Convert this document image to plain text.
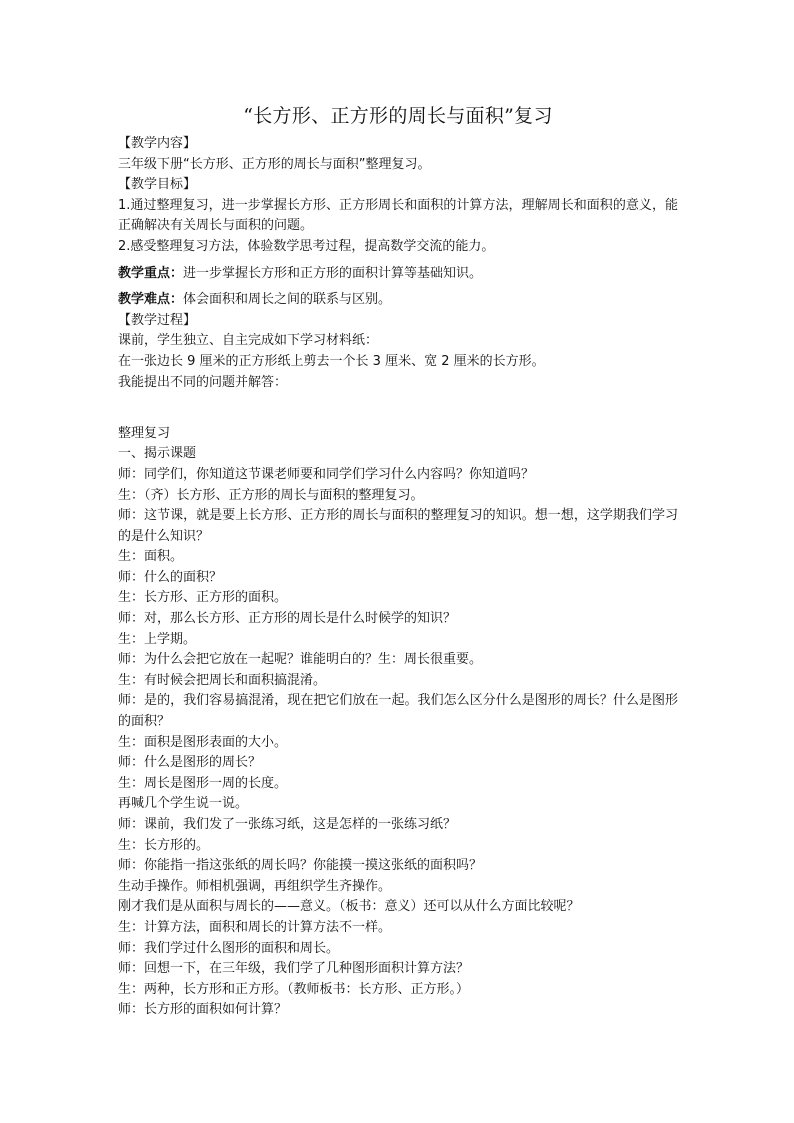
“长方形、正方形的周长与面积”复习
【教学内容】
三年级下册“长方形、正方形的周长与面积”整理复习。
【教学目标】
1.通过整理复习，进一步掌握长方形、正方形周长和面积的计算方法，理解周长和面积的意义，能正确解决有关周长与面积的问题。
2.感受整理复习方法，体验数学思考过程，提高数学交流的能力。
教学重点：进一步掌握长方形和正方形的面积计算等基础知识。
教学难点：体会面积和周长之间的联系与区别。
【教学过程】
课前，学生独立、自主完成如下学习材料纸：
在一张边长 9 厘米的正方形纸上剪去一个长 3 厘米、宽 2 厘米的长方形。
我能提出不同的问题并解答：
整理复习
一、揭示课题
师：同学们，你知道这节课老师要和同学们学习什么内容吗？你知道吗？
生：（齐）长方形、正方形的周长与面积的整理复习。
师：这节课，就是要上长方形、正方形的周长与面积的整理复习的知识。想一想，这学期我们学习的是什么知识？
生：面积。
师：什么的面积？
生：长方形、正方形的面积。
师：对，那么长方形、正方形的周长是什么时候学的知识？
生：上学期。
师：为什么会把它放在一起呢？谁能明白的？生：周长很重要。
生：有时候会把周长和面积搞混淆。
师：是的，我们容易搞混淆，现在把它们放在一起。我们怎么区分什么是图形的周长？什么是图形的面积？
生：面积是图形表面的大小。
师：什么是图形的周长？
生：周长是图形一周的长度。
再喊几个学生说一说。
师：课前，我们发了一张练习纸，这是怎样的一张练习纸？
生：长方形的。
师：你能指一指这张纸的周长吗？你能摸一摸这张纸的面积吗？
生动手操作。师相机强调，再组织学生齐操作。
刚才我们是从面积与周长的——意义。（板书：意义）还可以从什么方面比较呢？
生：计算方法，面积和周长的计算方法不一样。
师：我们学过什么图形的面积和周长。
师：回想一下，在三年级，我们学了几种图形面积计算方法？
生：两种，长方形和正方形。（教师板书：长方形、正方形。）
师：长方形的面积如何计算？
